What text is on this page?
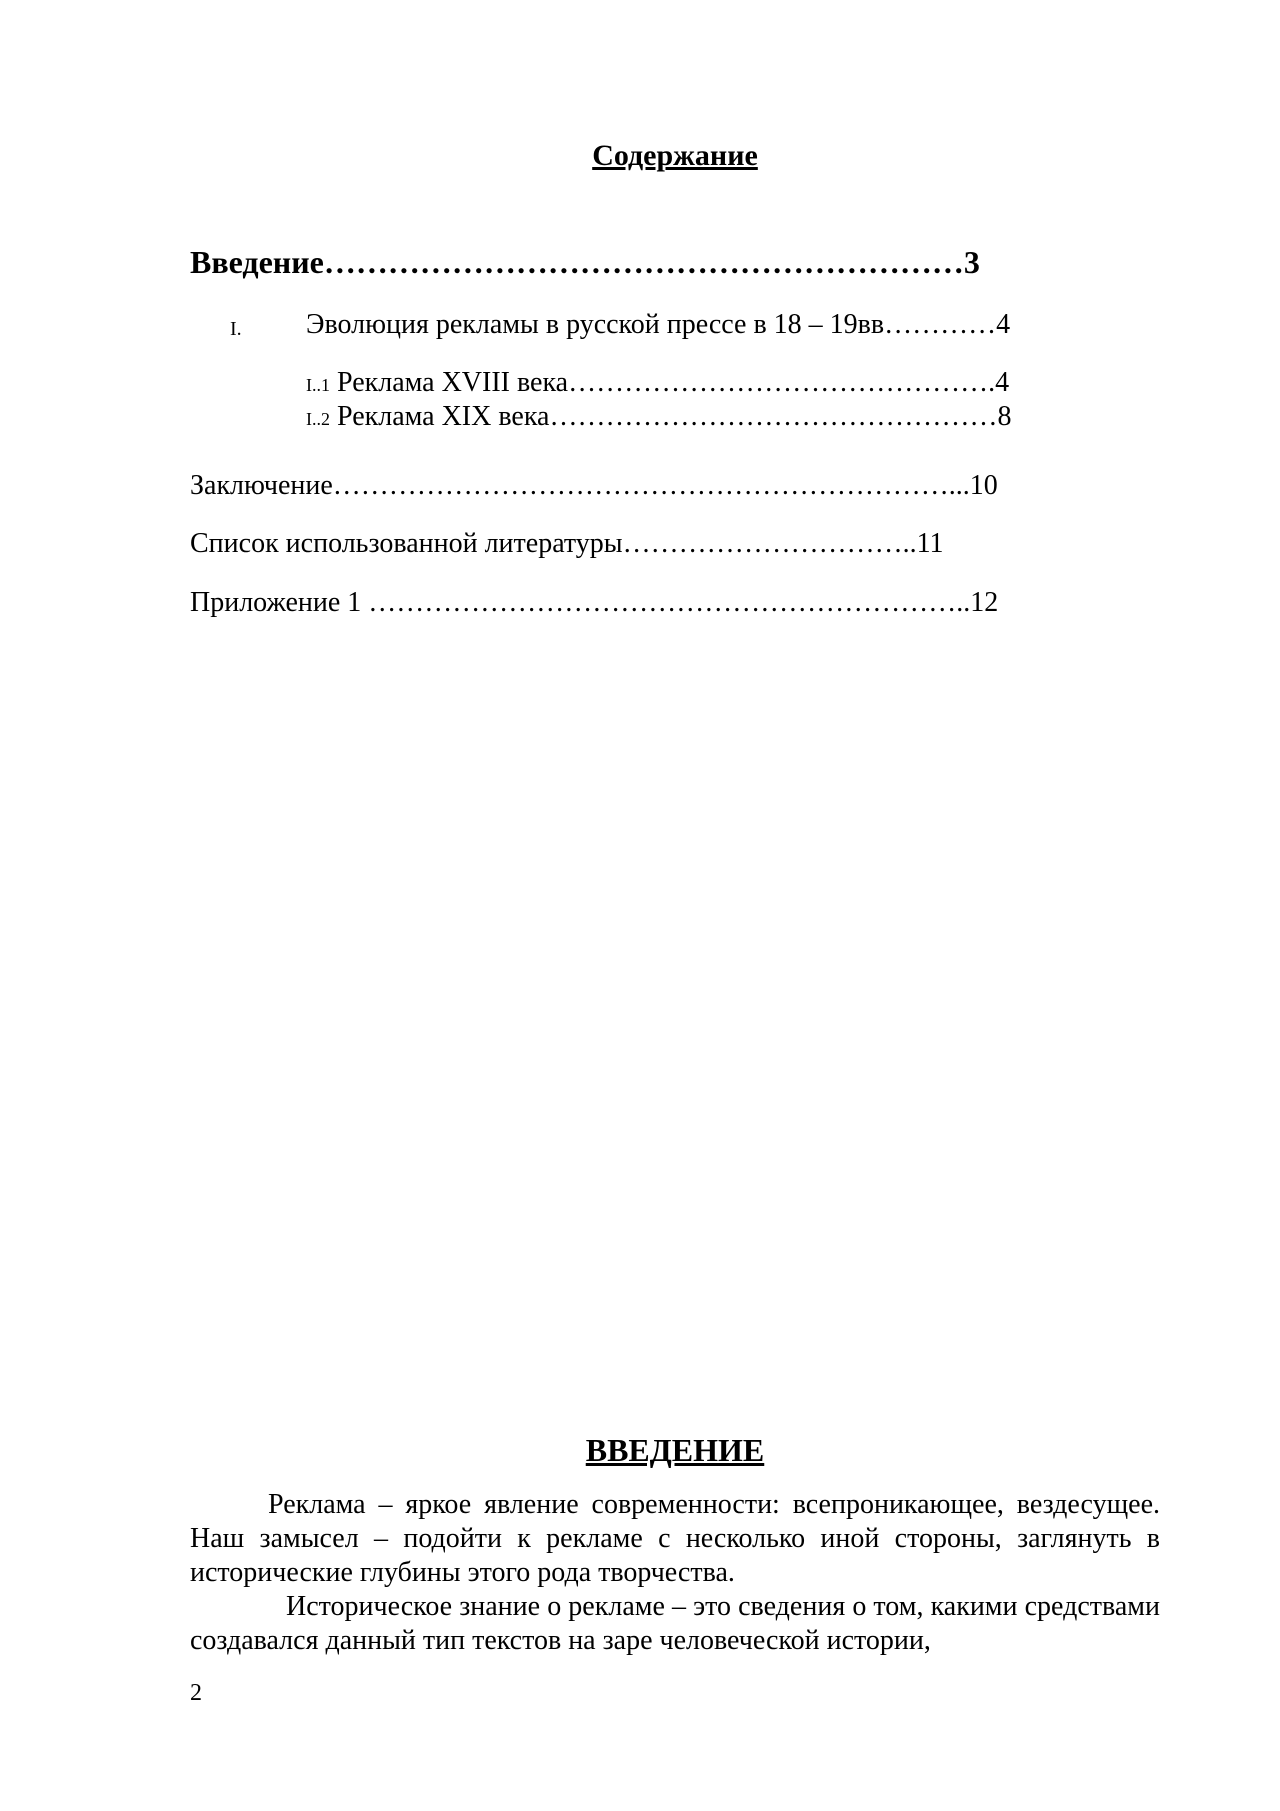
Содержание
Введение……………………………………………………3
I. Эволюция рекламы в русской прессе в 18 – 19вв…………4
I..1 Реклама XVIII века……………………………………….4
I..2 Реклама XIX века…………………………………………8
Заключение…………………………………………………………...10
Список использованной литературы…………………………..11
Приложение 1 ………………………………………………………..12
ВВЕДЕНИЕ
Реклама – яркое явление современности: всепроникающее, вездесущее. Наш замысел – подойти к рекламе с несколько иной стороны, заглянуть в исторические глубины этого рода творчества.
Историческое знание о рекламе – это сведения о том, какими средствами создавался данный тип текстов на заре человеческой истории,
2
